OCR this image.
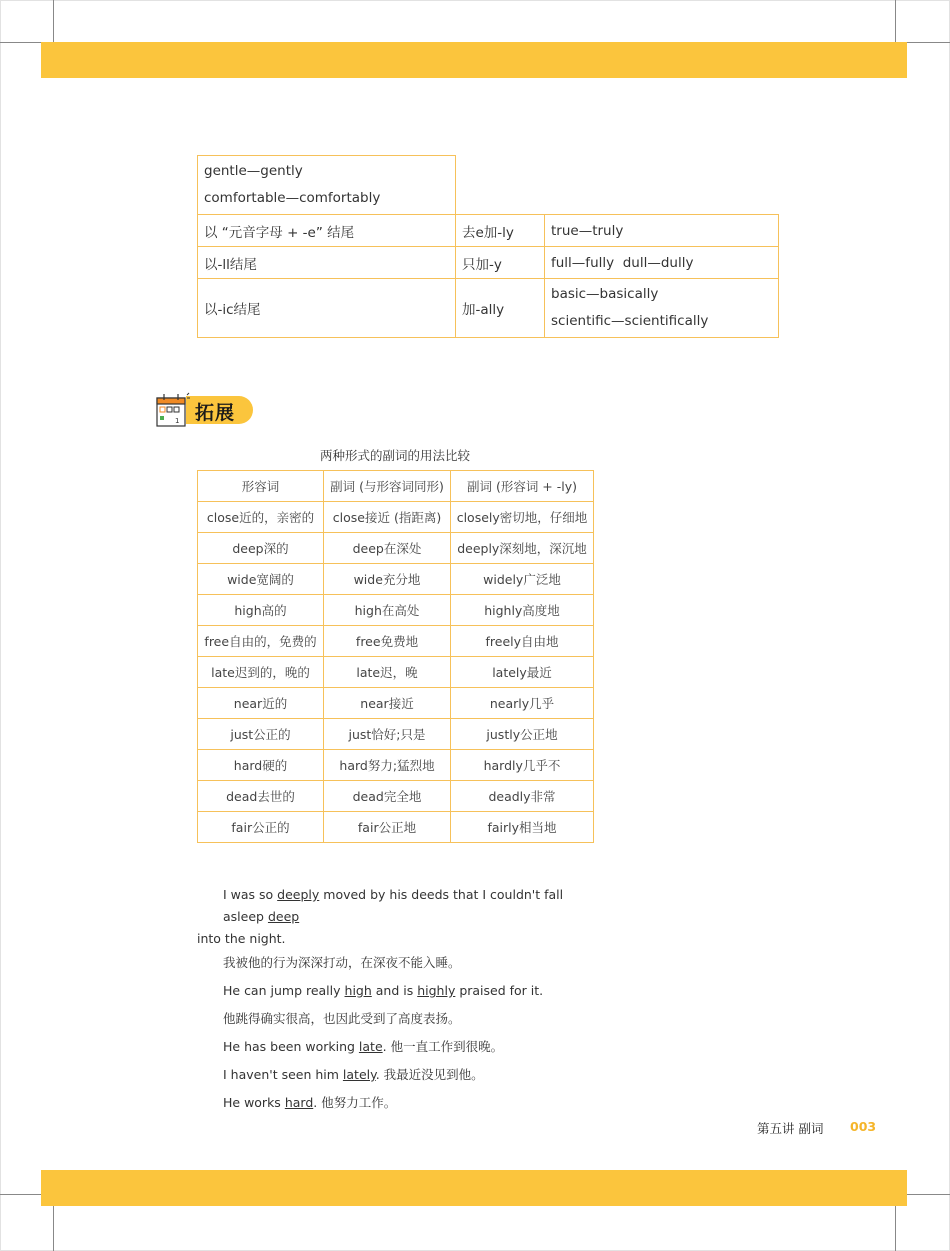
gentle—gently
comfortable—comfortably		

以 “元音字母 + -e” 结尾	去e加-ly	true—truly
以-ll结尾	只加-y	full—fully  dull—dully
以-ic结尾	加-ally	basic—basically
scientific—scientifically
1 拓展
两种形式的副词的用法比较
形容词	副词 (与形容词同形)	副词 (形容词 + -ly)
close近的，亲密的	close接近 (指距离)	closely密切地，仔细地
deep深的	deep在深处	deeply深刻地，深沉地
wide宽阔的	wide充分地	widely广泛地
high高的	high在高处	highly高度地
free自由的，免费的	free免费地	freely自由地
late迟到的，晚的	late迟，晚	lately最近
near近的	near接近	nearly几乎
just公正的	just恰好;只是	justly公正地
hard硬的	hard努力;猛烈地	hardly几乎不
dead去世的	dead完全地	deadly非常
fair公正的	fair公正地	fairly相当地
I was so deeply moved by his deeds that I couldn't fall asleep deep
into the night.
我被他的行为深深打动，在深夜不能入睡。
He can jump really high and is highly praised for it.
他跳得确实很高，也因此受到了高度表扬。
He has been working late. 他一直工作到很晚。
I haven't seen him lately. 我最近没见到他。
He works hard. 他努力工作。
第五讲 副词 003
